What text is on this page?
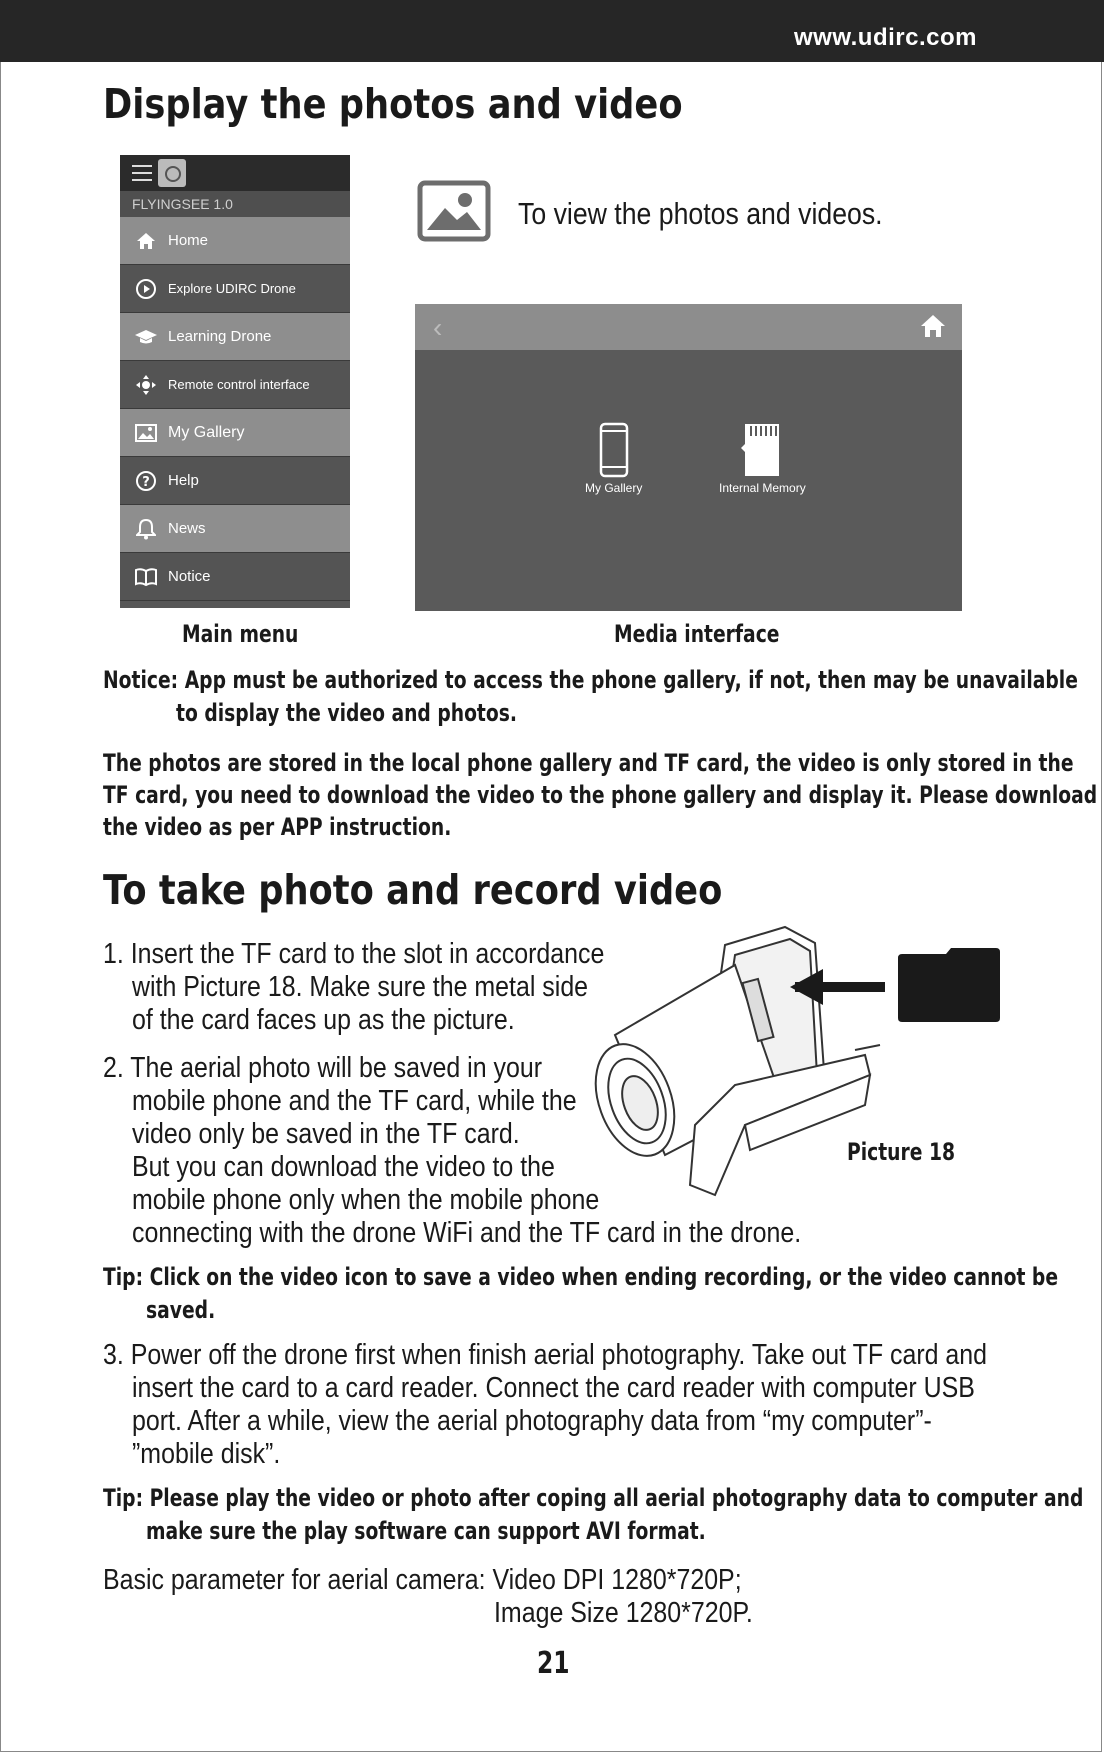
www.udirc.com
Display the photos and video
FLYINGSEE 1.0
Home
Explore UDIRC Drone
Learning Drone
Remote control interface
My Gallery
? Help
News
Notice
Main menu
To view the photos and videos.
‹
My Gallery	Internal Memory
Media interface
Notice: App must be authorized to access the phone gallery, if not, then may be unavailable
to display the video and photos.
The photos are stored in the local phone gallery and TF card, the video is only stored in the
TF card, you need to download the video to the phone gallery and display it. Please download
the video as per APP instruction.
To take photo and record video
1. Insert the TF card to the slot in accordance
with Picture 18. Make sure the metal side
of the card faces up as the picture.
2. The aerial photo will be saved in your
mobile phone and the TF card, while the
video only be saved in the TF card.
But you can download the video to the
mobile phone only when the mobile phone
connecting with the drone WiFi and the TF card in the drone.
Picture 18
Tip: Click on the video icon to save a video when ending recording, or the video cannot be
saved.
3. Power off the drone first when finish aerial photography. Take out TF card and
insert the card to a card reader. Connect the card reader with computer USB
port. After a while, view the aerial photography data from “my computer”-
”mobile disk”.
Tip: Please play the video or photo after coping all aerial photography data to computer and
make sure the play software can support AVI format.
Basic parameter for aerial camera: Video DPI 1280*720P;
Image Size 1280*720P.
21
